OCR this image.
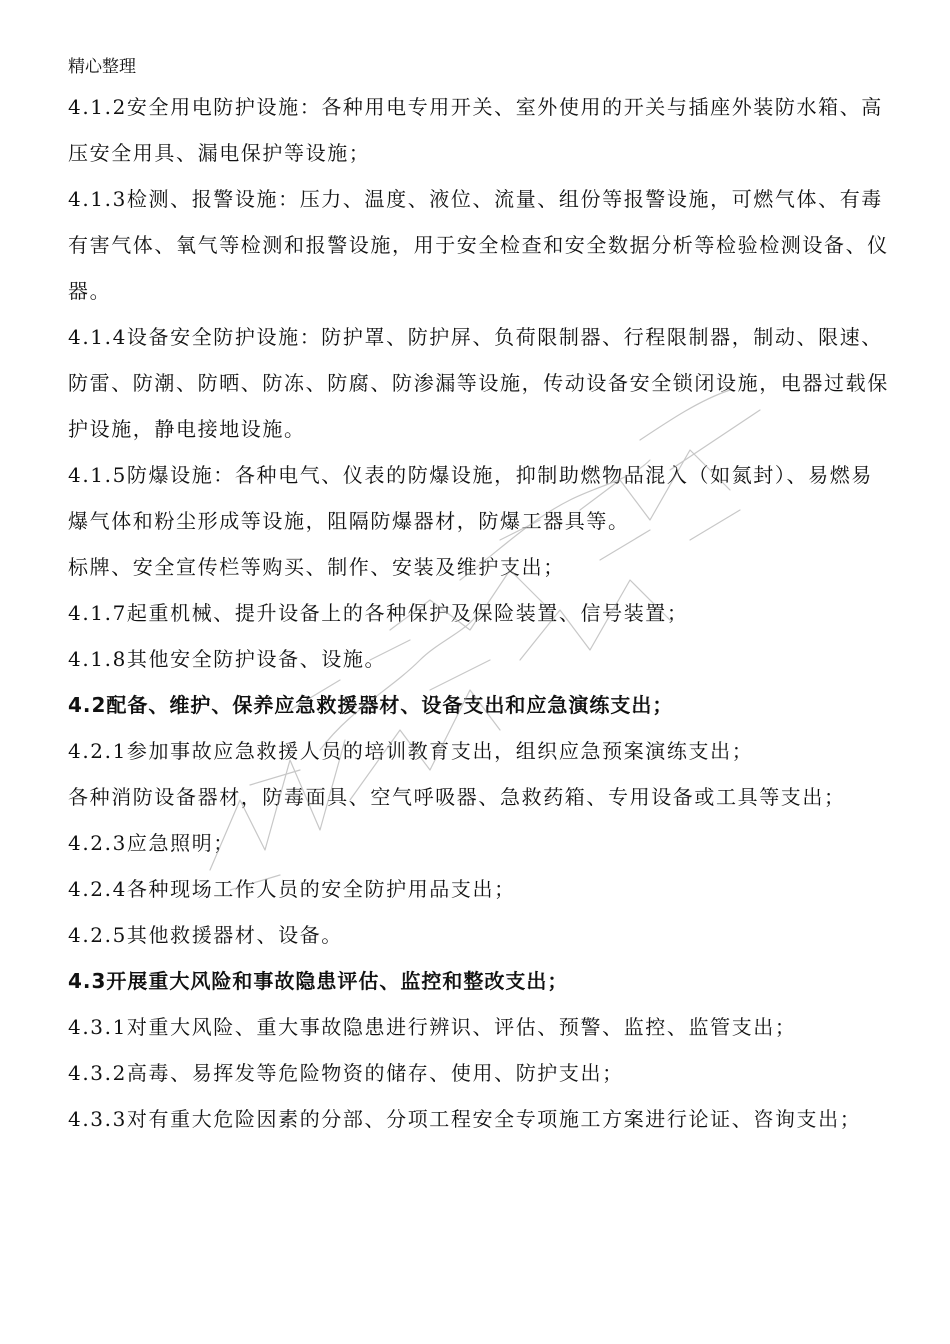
精心整理

4.1.2安全用电防护设施：各种用电专用开关、室外使用的开关与插座外装防水箱、高压安全用具、漏电保护等设施；

4.1.3检测、报警设施：压力、温度、液位、流量、组份等报警设施，可燃气体、有毒有害气体、氧气等检测和报警设施，用于安全检查和安全数据分析等检验检测设备、仪器。

4.1.4设备安全防护设施：防护罩、防护屏、负荷限制器、行程限制器，制动、限速、防雷、防潮、防晒、防冻、防腐、防渗漏等设施，传动设备安全锁闭设施，电器过载保护设施，静电接地设施。

4.1.5防爆设施：各种电气、仪表的防爆设施，抑制助燃物品混入（如氮封）、易燃易爆气体和粉尘形成等设施，阻隔防爆器材，防爆工器具等。

标牌、安全宣传栏等购买、制作、安装及维护支出；

4.1.7起重机械、提升设备上的各种保护及保险装置、信号装置；

4.1.8其他安全防护设备、设施。

4.2配备、维护、保养应急救援器材、设备支出和应急演练支出；

4.2.1参加事故应急救援人员的培训教育支出，组织应急预案演练支出；

各种消防设备器材，防毒面具、空气呼吸器、急救药箱、专用设备或工具等支出；

4.2.3应急照明；

4.2.4各种现场工作人员的安全防护用品支出；

4.2.5其他救援器材、设备。

4.3开展重大风险和事故隐患评估、监控和整改支出；

4.3.1对重大风险、重大事故隐患进行辨识、评估、预警、监控、监管支出；

4.3.2高毒、易挥发等危险物资的储存、使用、防护支出；

4.3.3对有重大危险因素的分部、分项工程安全专项施工方案进行论证、咨询支出；
